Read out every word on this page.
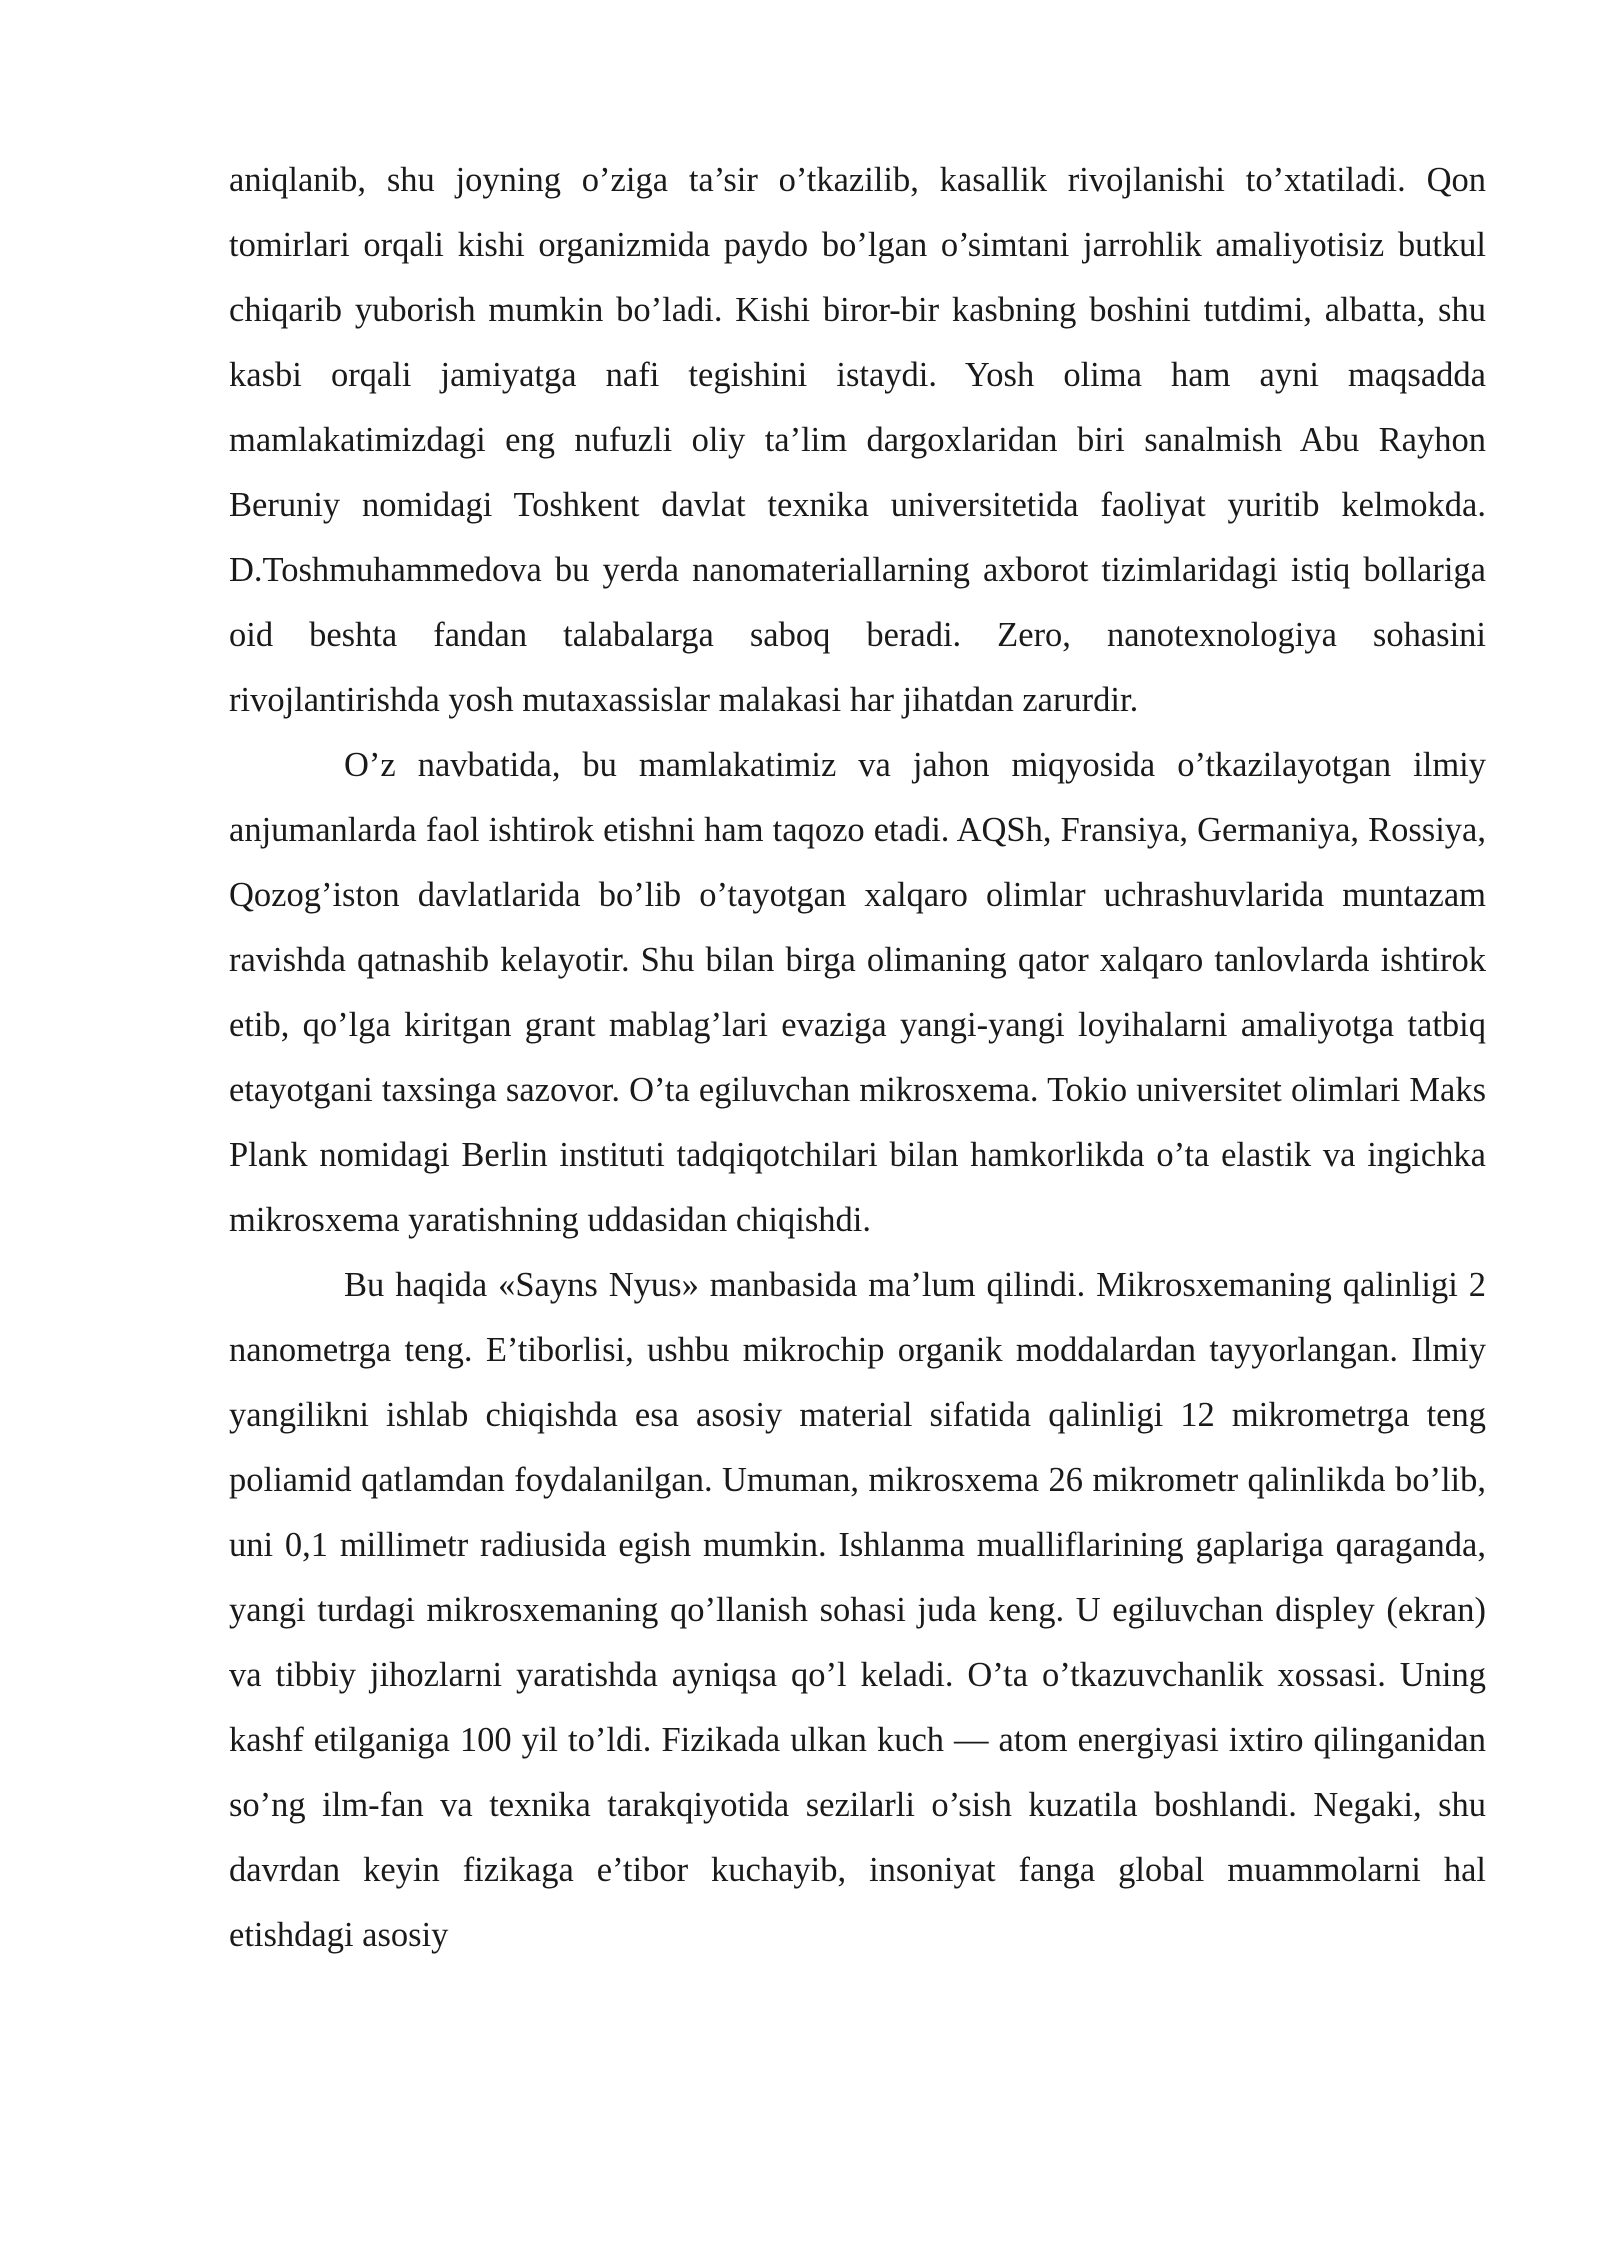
aniqlanib, shu joyning o’ziga ta’sir o’tkazilib, kasallik rivojlanishi to’xtatiladi. Qon tomirlari orqali kishi organizmida paydo bo’lgan o’simtani jarrohlik amaliyotisiz butkul chiqarib yuborish mumkin bo’ladi. Kishi biror-bir kasbning boshini tutdimi, albatta, shu kasbi orqali jamiyatga nafi tegishini istaydi. Yosh olima ham ayni maqsadda mamlakatimizdagi eng nufuzli oliy ta’lim dargoxlaridan biri sanalmish Abu Rayhon Beruniy nomidagi Toshkent davlat texnika universitetida faoliyat yuritib kelmokda. D.Toshmuhammedova bu yerda nanomateriallarning axborot tizimlaridagi istiq bollariga oid beshta fandan talabalarga saboq beradi. Zero, nanotexnologiya sohasini rivojlantirishda yosh mutaxassislar malakasi har jihatdan zarurdir.

O’z navbatida, bu mamlakatimiz va jahon miqyosida o’tkazilayotgan ilmiy anjumanlarda faol ishtirok etishni ham taqozo etadi. AQSh, Fransiya, Germaniya, Rossiya, Qozog’iston davlatlarida bo’lib o’tayotgan xalqaro olimlar uchrashuvlarida muntazam ravishda qatnashib kelayotir. Shu bilan birga olimaning qator xalqaro tanlovlarda ishtirok etib, qo’lga kiritgan grant mablag’lari evaziga yangi-yangi loyihalarni amaliyotga tatbiq etayotgani taxsinga sazovor. O’ta egiluvchan mikrosxema. Tokio universitet olimlari Maks Plank nomidagi Berlin instituti tadqiqotchilari bilan hamkorlikda o’ta elastik va ingichka mikrosxema yaratishning uddasidan chiqishdi.

Bu haqida «Sayns Nyus» manbasida ma’lum qilindi. Mikrosxemaning qalinligi 2 nanometrga teng. E’tiborlisi, ushbu mikrochip organik moddalardan tayyorlangan. Ilmiy yangilikni ishlab chiqishda esa asosiy material sifatida qalinligi 12 mikrometrga teng poliamid qatlamdan foydalanilgan. Umuman, mikrosxema 26 mikrometr qalinlikda bo’lib, uni 0,1 millimetr radiusida egish mumkin. Ishlanma mualliflarining gaplariga qaraganda, yangi turdagi mikrosxemaning qo’llanish sohasi juda keng. U egiluvchan displey (ekran) va tibbiy jihozlarni yaratishda ayniqsa qo’l keladi. O’ta o’tkazuvchanlik xossasi. Uning kashf etilganiga 100 yil to’ldi. Fizikada ulkan kuch — atom energiyasi ixtiro qilinganidan so’ng ilm-fan va texnika tarakqiyotida sezilarli o’sish kuzatila boshlandi. Negaki, shu davrdan keyin fizikaga e’tibor kuchayib, insoniyat fanga global muammolarni hal etishdagi asosiy
